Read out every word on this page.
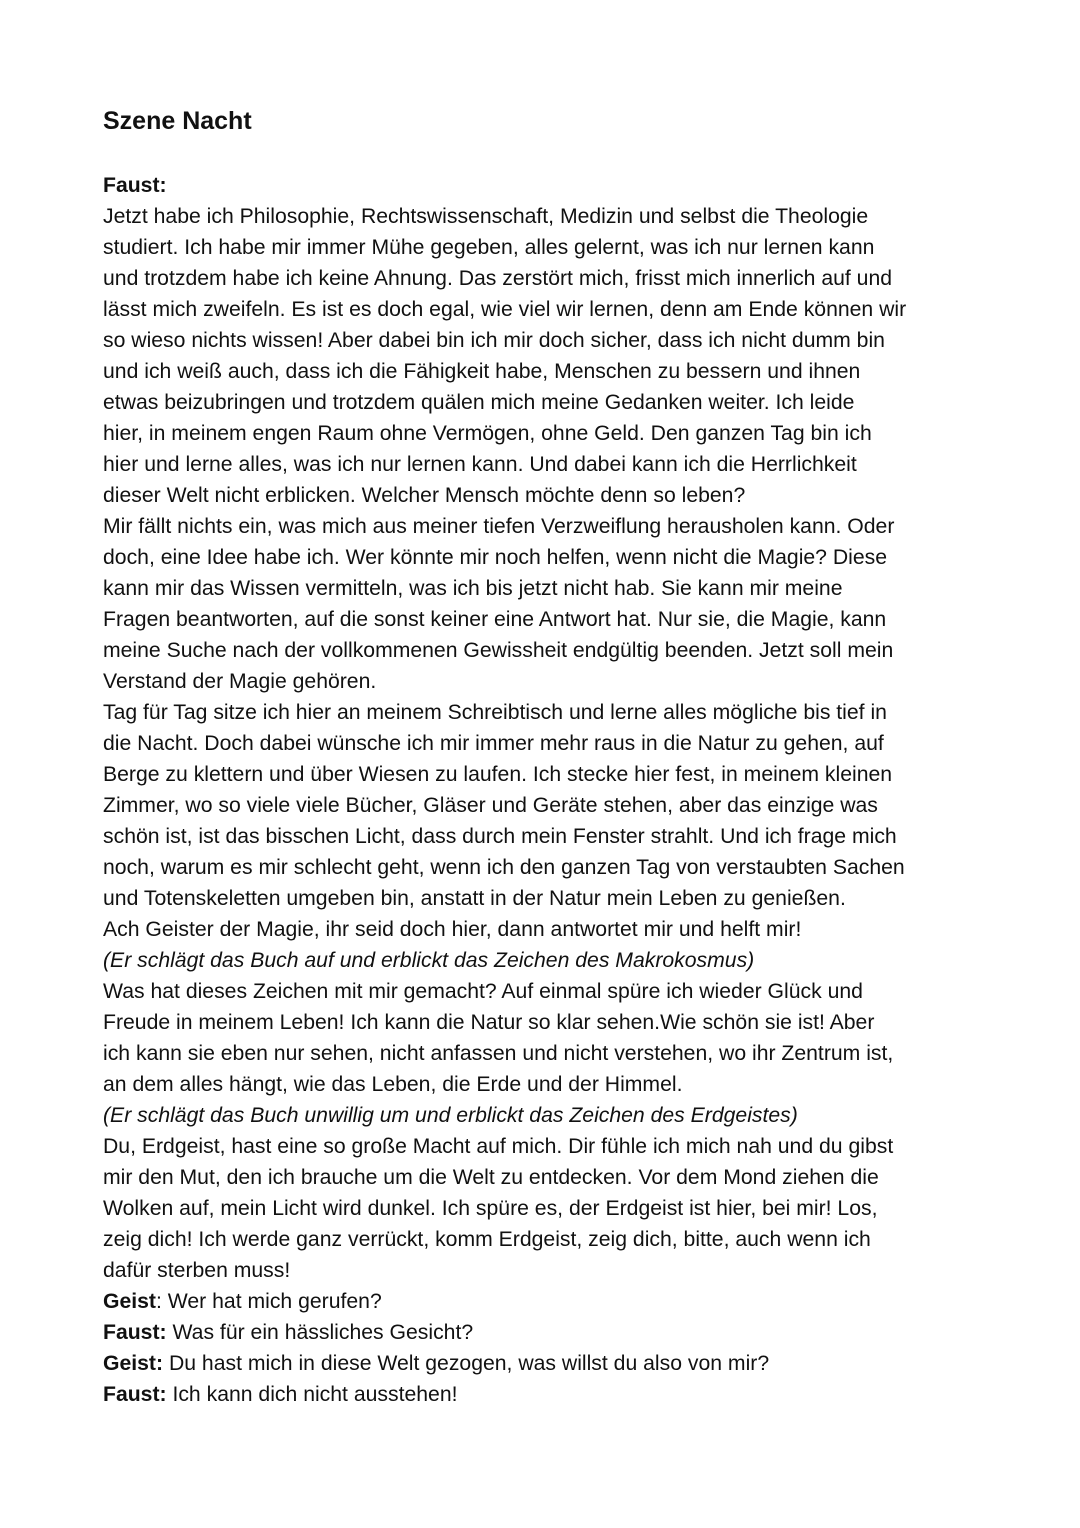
Szene Nacht
Faust:
Jetzt habe ich Philosophie, Rechtswissenschaft, Medizin und selbst die Theologie
studiert. Ich habe mir immer Mühe gegeben, alles gelernt, was ich nur lernen kann
und trotzdem habe ich keine Ahnung. Das zerstört mich, frisst mich innerlich auf und
lässt mich zweifeln. Es ist es doch egal, wie viel wir lernen, denn am Ende können wir
so wieso nichts wissen! Aber dabei bin ich mir doch sicher, dass ich nicht dumm bin
und ich weiß auch, dass ich die Fähigkeit habe, Menschen zu bessern und ihnen
etwas beizubringen und trotzdem quälen mich meine Gedanken weiter. Ich leide
hier, in meinem engen Raum ohne Vermögen, ohne Geld. Den ganzen Tag bin ich
hier und lerne alles, was ich nur lernen kann. Und dabei kann ich die Herrlichkeit
dieser Welt nicht erblicken. Welcher Mensch möchte denn so leben?
Mir fällt nichts ein, was mich aus meiner tiefen Verzweiflung herausholen kann. Oder
doch, eine Idee habe ich. Wer könnte mir noch helfen, wenn nicht die Magie? Diese
kann mir das Wissen vermitteln, was ich bis jetzt nicht hab. Sie kann mir meine
Fragen beantworten, auf die sonst keiner eine Antwort hat. Nur sie, die Magie, kann
meine Suche nach der vollkommenen Gewissheit endgültig beenden. Jetzt soll mein
Verstand der Magie gehören.
Tag für Tag sitze ich hier an meinem Schreibtisch und lerne alles mögliche bis tief in
die Nacht. Doch dabei wünsche ich mir immer mehr raus in die Natur zu gehen, auf
Berge zu klettern und über Wiesen zu laufen. Ich stecke hier fest, in meinem kleinen
Zimmer, wo so viele viele Bücher, Gläser und Geräte stehen, aber das einzige was
schön ist, ist das bisschen Licht, dass durch mein Fenster strahlt. Und ich frage mich
noch, warum es mir schlecht geht, wenn ich den ganzen Tag von verstaubten Sachen
und Totenskeletten umgeben bin, anstatt in der Natur mein Leben zu genießen.
Ach Geister der Magie, ihr seid doch hier, dann antwortet mir und helft mir!
(Er schlägt das Buch auf und erblickt das Zeichen des Makrokosmus)
Was hat dieses Zeichen mit mir gemacht? Auf einmal spüre ich wieder Glück und
Freude in meinem Leben! Ich kann die Natur so klar sehen.Wie schön sie ist! Aber
ich kann sie eben nur sehen, nicht anfassen und nicht verstehen, wo ihr Zentrum ist,
an dem alles hängt, wie das Leben, die Erde und der Himmel.
(Er schlägt das Buch unwillig um und erblickt das Zeichen des Erdgeistes)
Du, Erdgeist, hast eine so große Macht auf mich. Dir fühle ich mich nah und du gibst
mir den Mut, den ich brauche um die Welt zu entdecken. Vor dem Mond ziehen die
Wolken auf, mein Licht wird dunkel. Ich spüre es, der Erdgeist ist hier, bei mir! Los,
zeig dich! Ich werde ganz verrückt, komm Erdgeist, zeig dich, bitte, auch wenn ich
dafür sterben muss!
Geist: Wer hat mich gerufen?
Faust: Was für ein hässliches Gesicht?
Geist: Du hast mich in diese Welt gezogen, was willst du also von mir?
Faust: Ich kann dich nicht ausstehen!
